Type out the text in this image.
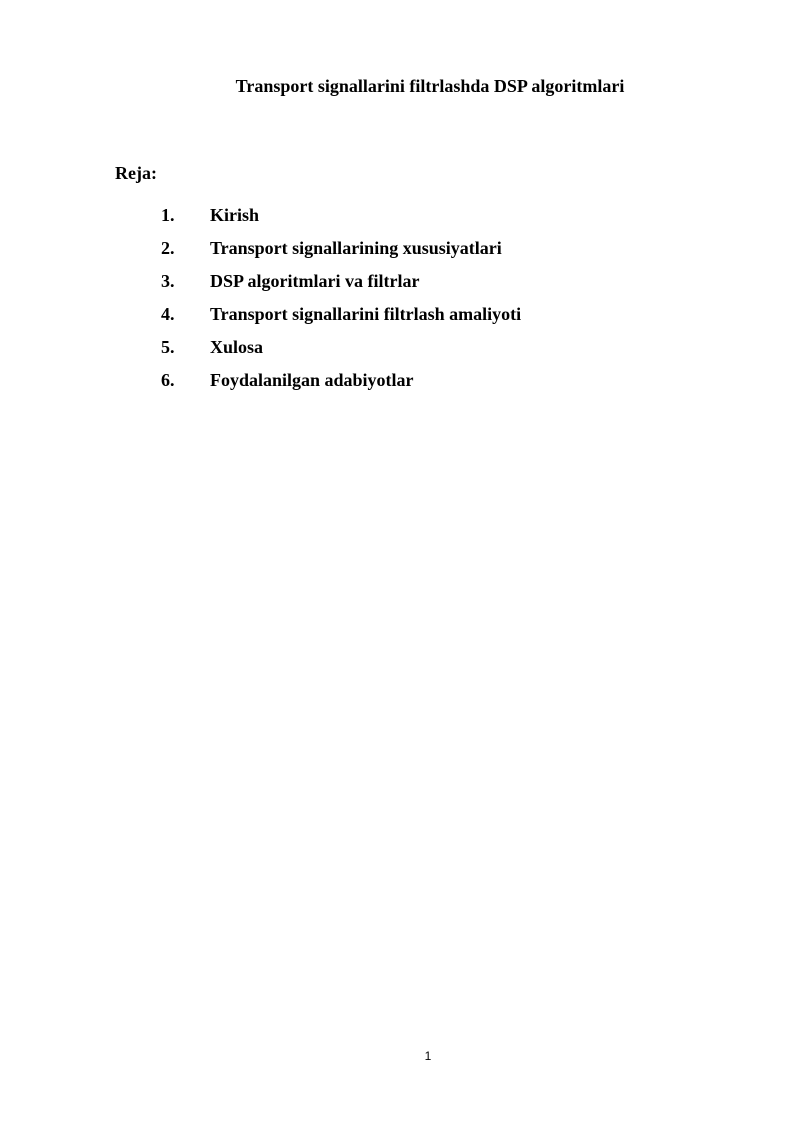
Transport signallarini filtrlashda DSP algoritmlari
Reja:
1. Kirish
2. Transport signallarining xususiyatlari
3. DSP algoritmlari va filtrlar
4. Transport signallarini filtrlash amaliyoti
5. Xulosa
6. Foydalanilgan adabiyotlar
1
